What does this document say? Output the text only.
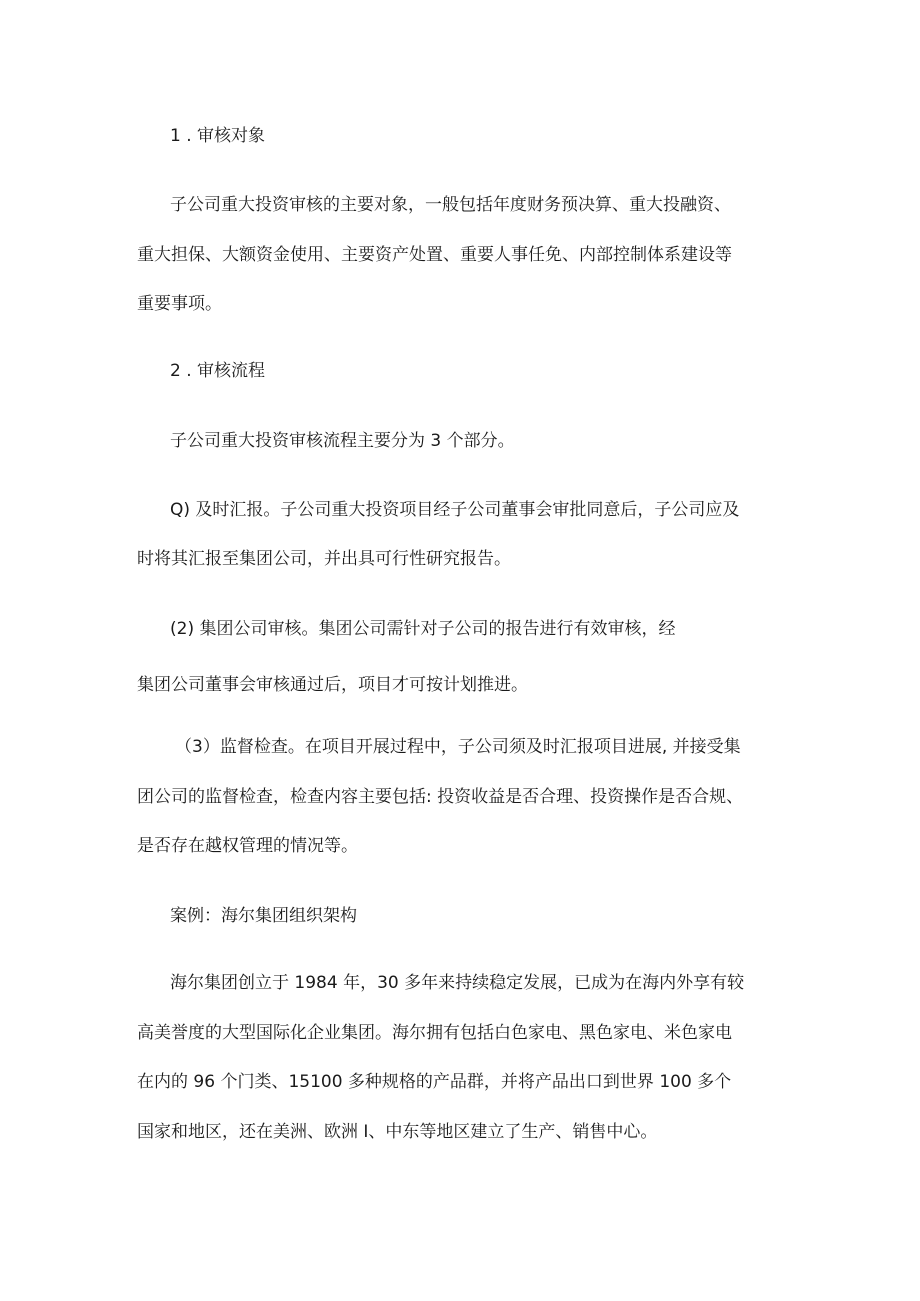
1 . 审核对象

子公司重大投资审核的主要对象，一般包括年度财务预决算、重大投融资、

重大担保、大额资金使用、主要资产处置、重要人事任免、内部控制体系建设等

重要事项。

2 . 审核流程

子公司重大投资审核流程主要分为 3 个部分。

Q) 及时汇报。子公司重大投资项目经子公司董事会审批同意后，子公司应及

时将其汇报至集团公司，并出具可行性研究报告。

(2) 集团公司审核。集团公司需针对子公司的报告进行有效审核，经

集团公司董事会审核通过后，项目才可按计划推进。

（3）监督检查。在项目开展过程中，子公司须及时汇报项目进展, 并接受集

团公司的监督检查，检查内容主要包括: 投资收益是否合理、投资操作是否合规、

是否存在越权管理的情况等。

案例：海尔集团组织架构

海尔集团创立于 1984 年，30 多年来持续稳定发展，已成为在海内外享有较

高美誉度的大型国际化企业集团。海尔拥有包括白色家电、黑色家电、米色家电

在内的 96 个门类、15100 多种规格的产品群，并将产品出口到世界 100 多个

国家和地区，还在美洲、欧洲 I、中东等地区建立了生产、销售中心。
